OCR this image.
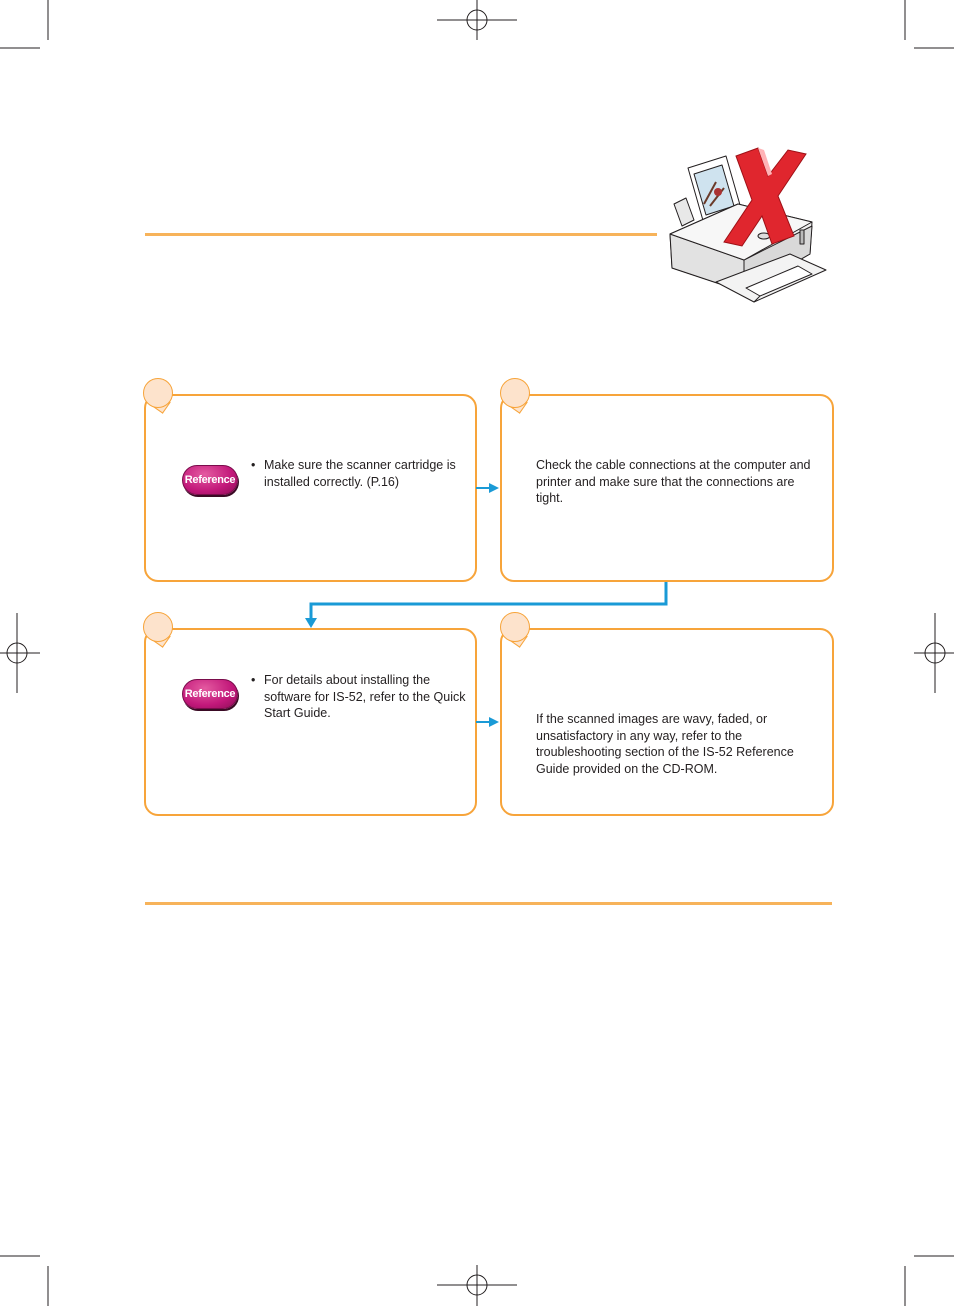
Reference
• Make sure the scanner cartridge is installed correctly. (P.16)
Check the cable connections at the computer and printer and make sure that the connections are tight.
Reference
• For details about installing the software for IS-52, refer to the Quick Start Guide.	If the scanned images are wavy, faded, or unsatisfactory in any way, refer to the troubleshooting section of the IS-52 Reference Guide provided on the CD-ROM.
